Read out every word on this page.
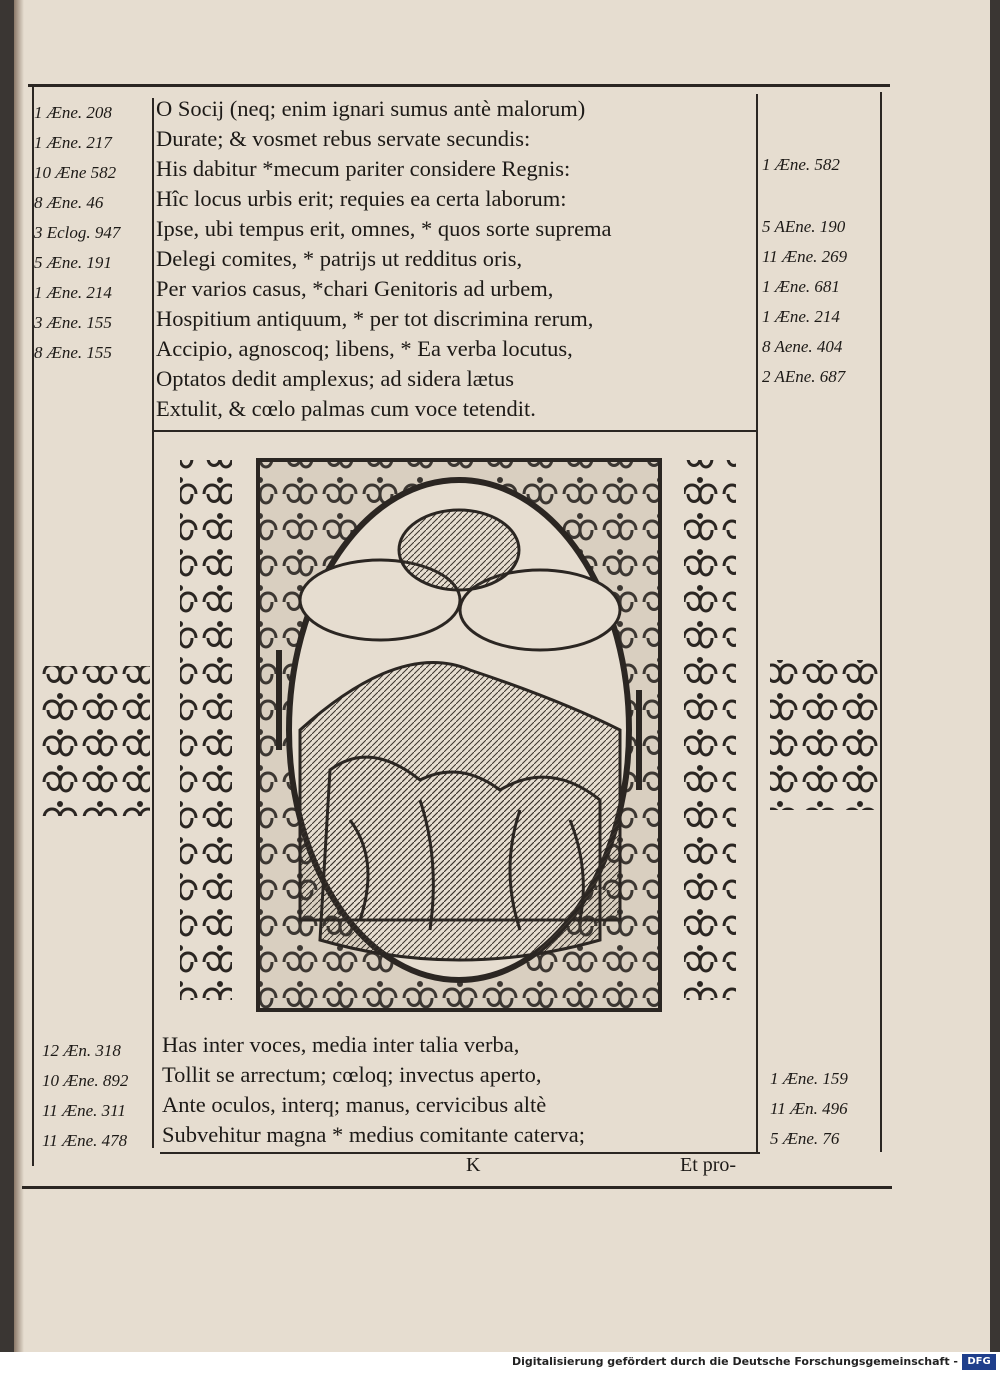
O Socij (neq; enim ignari sumus antè malorum)
Durate; & vosmet rebus servate secundis:
His dabitur *mecum pariter considere Regnis:
Hîc locus urbis erit; requies ea certa laborum:
Ipse, ubi tempus erit, omnes, * quos sorte suprema
Delegi comites, * patrijs ut redditus oris,
Per varios casus, *chari Genitoris ad urbem,
Hospitium antiquum, * per tot discrimina rerum,
Accipio, agnoscoq; libens, * Ea verba locutus,
Optatos dedit amplexus; ad sidera lætus
Extulit, & cœlo palmas cum voce tetendit.
1 Æne. 208
1 Æne. 217
10 Æne 582
8 Æne. 46
3 Eclog. 947
5 Æne. 191
1 Æne. 214
3 Æne. 155
8 Æne. 155
1 Æne. 582
5 AEne. 190
11 Æne. 269
1 Æne. 681
1 Æne. 214
8 Aene. 404
2 AEne. 687
Has inter voces, media inter talia verba,
Tollit se arrectum; cœloq; invectus aperto,
Ante oculos, interq; manus, cervicibus altè
Subvehitur magna * medius comitante caterva;
12 Æn. 318
10 Æne. 892
11 Æne. 311
11 Æne. 478
1 Æne. 159
11 Æn. 496
5 Æne. 76
K	Et pro-
Digitalisierung gefördert durch die Deutsche Forschungsgemeinschaft - DFG
